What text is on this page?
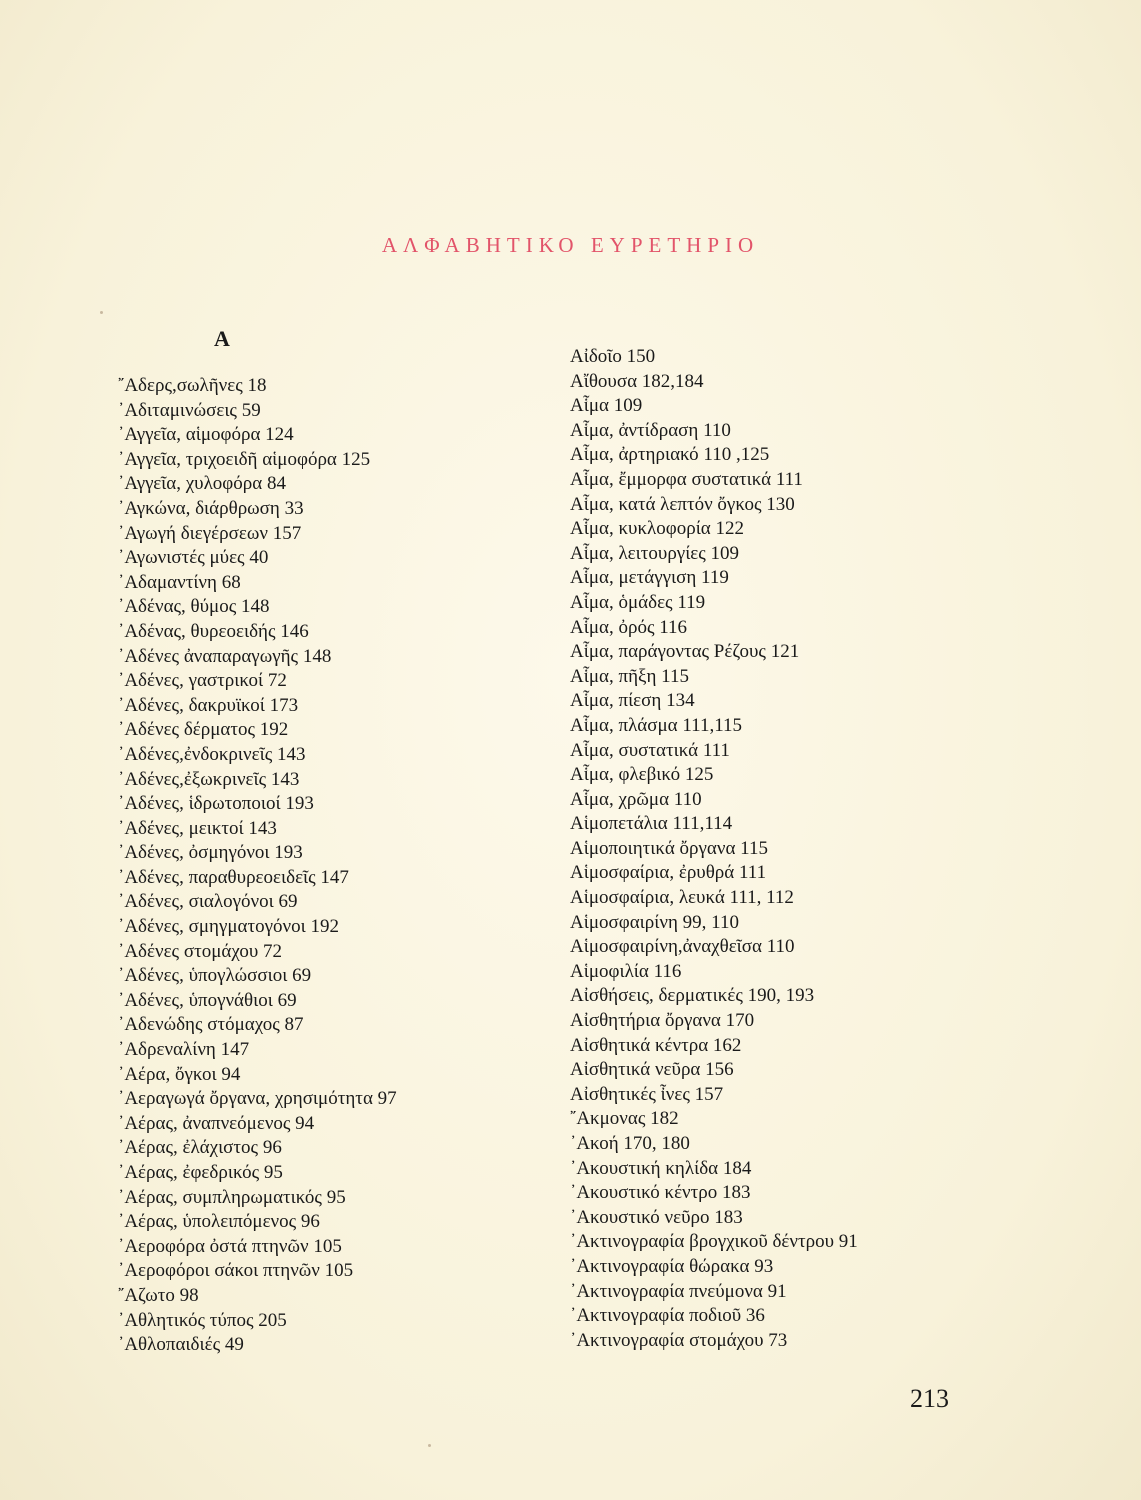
ΑΛΦΑΒΗΤΙΚΟ ΕΥΡΕΤΗΡΙΟ
Α
῎Αδερς,σωλῆνες 18
᾿Αδιταμινώσεις 59
᾿Αγγεῖα, αἱμοφόρα 124
᾿Αγγεῖα, τριχοειδῆ αἱμοφόρα 125
᾿Αγγεῖα, χυλοφόρα 84
᾿Αγκώνα, διάρθρωση 33
᾿Αγωγή διεγέρσεων 157
᾿Αγωνιστές μύες 40
᾿Αδαμαντίνη 68
᾿Αδένας, θύμος 148
᾿Αδένας, θυρεοειδής 146
᾿Αδένες ἀναπαραγωγῆς 148
᾿Αδένες, γαστρικοί 72
᾿Αδένες, δακρυϊκοί 173
᾿Αδένες δέρματος 192
᾿Αδένες,ἐνδοκρινεῖς 143
᾿Αδένες,ἐξωκρινεῖς 143
᾿Αδένες, ἱδρωτοποιοί 193
᾿Αδένες, μεικτοί 143
᾿Αδένες, ὀσμηγόνοι 193
᾿Αδένες, παραθυρεοειδεῖς 147
᾿Αδένες, σιαλογόνοι 69
᾿Αδένες, σμηγματογόνοι 192
᾿Αδένες στομάχου 72
᾿Αδένες, ὑπογλώσσιοι 69
᾿Αδένες, ὑπογνάθιοι 69
᾿Αδενώδης στόμαχος 87
᾿Αδρεναλίνη 147
᾿Αέρα, ὄγκοι 94
᾿Αεραγωγά ὄργανα, χρησιμότητα 97
᾿Αέρας, ἀναπνεόμενος 94
᾿Αέρας, ἐλάχιστος 96
᾿Αέρας, ἐφεδρικός 95
᾿Αέρας, συμπληρωματικός 95
᾿Αέρας, ὑπολειπόμενος 96
᾿Αεροφόρα ὀστά πτηνῶν 105
᾿Αεροφόροι σάκοι πτηνῶν 105
῎Αζωτο 98
᾿Αθλητικός τύπος 205
᾿Αθλοπαιδιές 49
Αἰδοῖο 150
Αἴθουσα 182,184
Αἷμα 109
Αἷμα, ἀντίδραση 110
Αἷμα, ἀρτηριακό 110 ,125
Αἷμα, ἔμμορφα συστατικά 111
Αἷμα, κατά λεπτόν ὄγκος 130
Αἷμα, κυκλοφορία 122
Αἷμα, λειτουργίες 109
Αἷμα, μετάγγιση 119
Αἷμα, ὁμάδες 119
Αἷμα, ὀρός 116
Αἷμα, παράγοντας Ρέζους 121
Αἷμα, πῆξη 115
Αἷμα, πίεση 134
Αἷμα, πλάσμα 111,115
Αἷμα, συστατικά 111
Αἷμα, φλεβικό 125
Αἷμα, χρῶμα 110
Αἱμοπετάλια 111,114
Αἱμοποιητικά ὄργανα 115
Αἱμοσφαίρια, ἐρυθρά 111
Αἱμοσφαίρια, λευκά 111, 112
Αἱμοσφαιρίνη 99, 110
Αἱμοσφαιρίνη,ἀναχθεῖσα 110
Αἱμοφιλία 116
Αἰσθήσεις, δερματικές 190, 193
Αἰσθητήρια ὄργανα 170
Αἰσθητικά κέντρα 162
Αἰσθητικά νεῦρα 156
Αἰσθητικές ἶνες 157
῎Ακμονας 182
᾿Ακοή 170, 180
᾿Ακουστική κηλίδα 184
᾿Ακουστικό κέντρο 183
᾿Ακουστικό νεῦρο 183
᾿Ακτινογραφία βρογχικοῦ δέντρου 91
᾿Ακτινογραφία θώρακα 93
᾿Ακτινογραφία πνεύμονα 91
᾿Ακτινογραφία ποδιοῦ 36
᾿Ακτινογραφία στομάχου 73
213
